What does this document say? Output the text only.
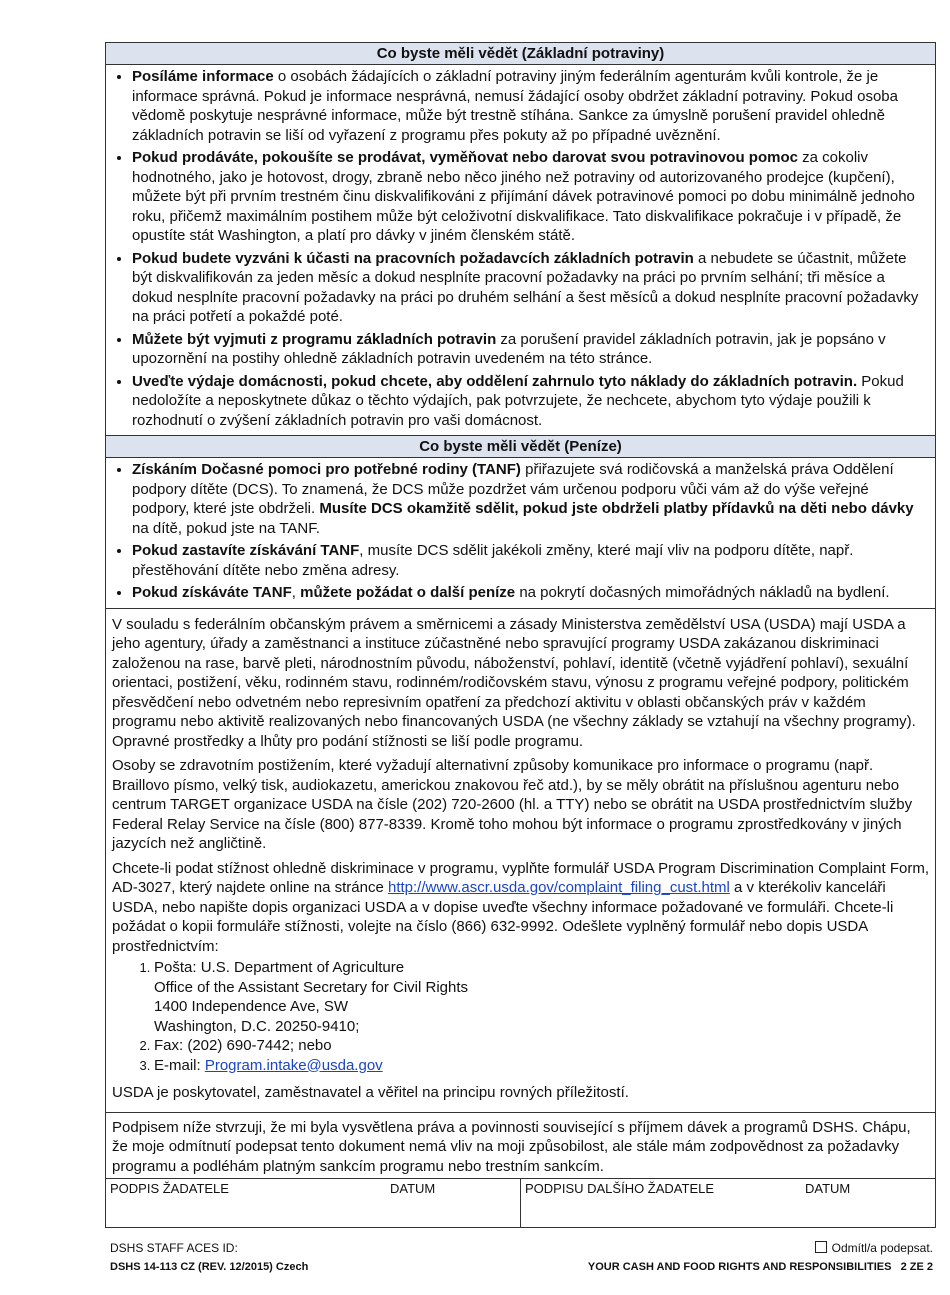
Co byste měli vědět (Základní potraviny)
• Posíláme informace o osobách žádajících o základní potraviny jiným federálním agenturám kvůli kontrole, že je informace správná. Pokud je informace nesprávná, nemusí žádající osoby obdržet základní potraviny. Pokud osoba vědomě poskytuje nesprávné informace, může být trestně stíhána. Sankce za úmyslně porušení pravidel ohledně základních potravin se liší od vyřazení z programu přes pokuty až po případné uvěznění.
• Pokud prodáváte, pokoušíte se prodávat, vyměňovat nebo darovat svou potravinovou pomoc za cokoliv hodnotného, jako je hotovost, drogy, zbraně nebo něco jiného než potraviny od autorizovaného prodejce (kupčení), můžete být při prvním trestném činu diskvalifikováni z přijímání dávek potravinové pomoci po dobu minimálně jednoho roku, přičemž maximálním postihem může být celoživotní diskvalifikace. Tato diskvalifikace pokračuje i v případě, že opustíte stát Washington, a platí pro dávky v jiném členském státě.
• Pokud budete vyzváni k účasti na pracovních požadavcích základních potravin a nebudete se účastnit, můžete být diskvalifikován za jeden měsíc a dokud nesplníte pracovní požadavky na práci po prvním selhání; tři měsíce a dokud nesplníte pracovní požadavky na práci po druhém selhání a šest měsíců a dokud nesplníte pracovní požadavky na práci potřetí a pokaždé poté.
• Můžete být vyjmuti z programu základních potravin za porušení pravidel základních potravin, jak je popsáno v upozornění na postihy ohledně základních potravin uvedeném na této stránce.
• Uveďte výdaje domácnosti, pokud chcete, aby oddělení zahrnulo tyto náklady do základních potravin. Pokud nedoložíte a neposkytnete důkaz o těchto výdajích, pak potvrzujete, že nechcete, abychom tyto výdaje použili k rozhodnutí o zvýšení základních potravin pro vaši domácnost.
Co byste měli vědět (Peníze)
• Získáním Dočasné pomoci pro potřebné rodiny (TANF) přiřazujete svá rodičovská a manželská práva Oddělení podpory dítěte (DCS). To znamená, že DCS může pozdržet vám určenou podporu vůči vám až do výše veřejné podpory, které jste obdrželi. Musíte DCS okamžitě sdělit, pokud jste obdrželi platby přídavků na děti nebo dávky na dítě, pokud jste na TANF.
• Pokud zastavíte získávání TANF, musíte DCS sdělit jakékoli změny, které mají vliv na podporu dítěte, např. přestěhování dítěte nebo změna adresy.
• Pokud získáváte TANF, můžete požádat o další peníze na pokrytí dočasných mimořádných nákladů na bydlení.

V souladu s federálním občanským právem a směrnicemi a zásady Ministerstva zemědělství USA (USDA) mají USDA a jeho agentury, úřady a zaměstnanci a instituce zúčastněné nebo spravující programy USDA zakázanou diskriminaci založenou na rase, barvě pleti, národnostním původu, náboženství, pohlaví, identitě (včetně vyjádření pohlaví), sexuální orientaci, postižení, věku, rodinném stavu, rodinném/rodičovském stavu, výnosu z programu veřejné podpory, politickém přesvědčení nebo odvetném nebo represivním opatření za předchozí aktivitu v oblasti občanských práv v každém programu nebo aktivitě realizovaných nebo financovaných USDA (ne všechny základy se vztahují na všechny programy). Opravné prostředky a lhůty pro podání stížnosti se liší podle programu.

Osoby se zdravotním postižením, které vyžadují alternativní způsoby komunikace pro informace o programu (např. Braillovo písmo, velký tisk, audiokazetu, americkou znakovou řeč atd.), by se měly obrátit na příslušnou agenturu nebo centrum TARGET organizace USDA na čísle (202) 720-2600 (hl. a TTY) nebo se obrátit na USDA prostřednictvím služby Federal Relay Service na čísle (800) 877-8339. Kromě toho mohou být informace o programu zprostředkovány v jiných jazycích než angličtině.

Chcete-li podat stížnost ohledně diskriminace v programu, vyplňte formulář USDA Program Discrimination Complaint Form, AD-3027, který najdete online na stránce http://www.ascr.usda.gov/complaint_filing_cust.html a v kterékoliv kanceláři USDA, nebo napište dopis organizaci USDA a v dopise uveďte všechny informace požadované ve formuláři. Chcete-li požádat o kopii formuláře stížnosti, volejte na číslo (866) 632-9992. Odešlete vyplněný formulář nebo dopis USDA prostřednictvím:

1. Pošta: U.S. Department of Agriculture
Office of the Assistant Secretary for Civil Rights
1400 Independence Ave, SW
Washington, D.C. 20250-9410;
2. Fax: (202) 690-7442; nebo
3. E-mail: Program.intake@usda.gov

USDA je poskytovatel, zaměstnavatel a věřitel na principu rovných příležitostí.

Podpisem níže stvrzuji, že mi byla vysvětlena práva a povinnosti související s příjmem dávek a programů DSHS. Chápu, že moje odmítnutí podepsat tento dokument nemá vliv na moji způsobilost, ale stále mám zodpovědnost za požadavky programu a podléhám platným sankcím programu nebo trestním sankcím.
PODPIS ŽADATELE	DATUM	PODPISU DALŠÍHO ŽADATELE	DATUM
DSHS STAFF ACES ID:	Odmítl/a podepsat.
DSHS 14-113 CZ (REV. 12/2015) Czech	YOUR CASH AND FOOD RIGHTS AND RESPONSIBILITIES   2 ZE 2
